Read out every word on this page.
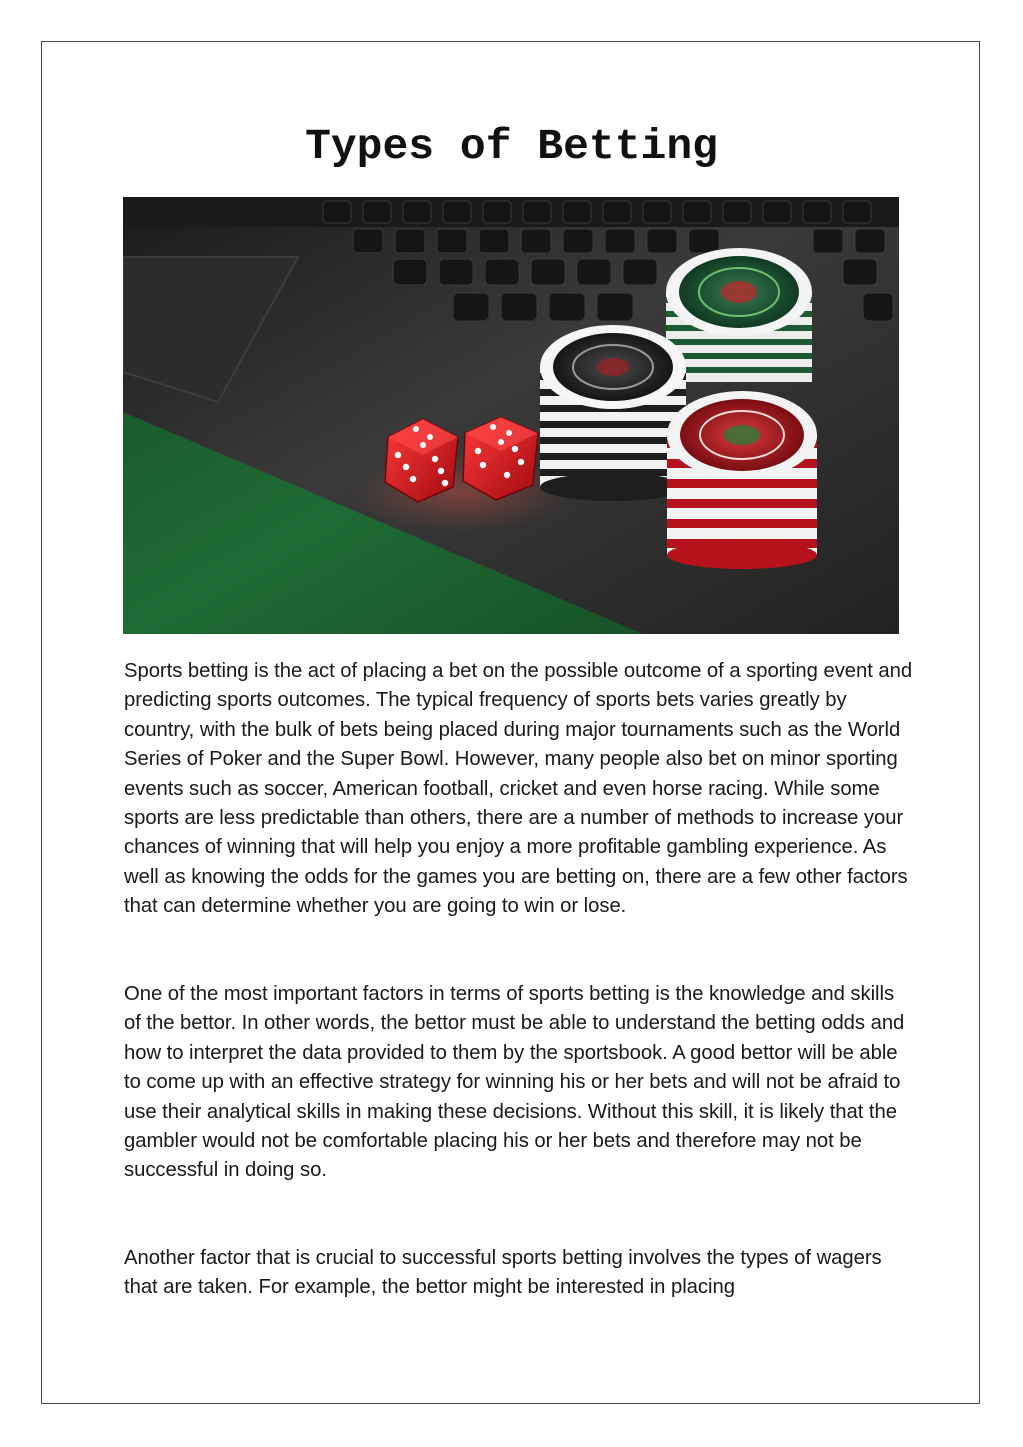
Types of Betting

Sports betting is the act of placing a bet on the possible outcome of a sporting event and predicting sports outcomes. The typical frequency of sports bets varies greatly by country, with the bulk of bets being placed during major tournaments such as the World Series of Poker and the Super Bowl. However, many people also bet on minor sporting events such as soccer, American football, cricket and even horse racing. While some sports are less predictable than others, there are a number of methods to increase your chances of winning that will help you enjoy a more profitable gambling experience. As well as knowing the odds for the games you are betting on, there are a few other factors that can determine whether you are going to win or lose.

One of the most important factors in terms of sports betting is the knowledge and skills of the bettor. In other words, the bettor must be able to understand the betting odds and how to interpret the data provided to them by the sportsbook. A good bettor will be able to come up with an effective strategy for winning his or her bets and will not be afraid to use their analytical skills in making these decisions. Without this skill, it is likely that the gambler would not be comfortable placing his or her bets and therefore may not be successful in doing so.

Another factor that is crucial to successful sports betting involves the types of wagers that are taken. For example, the bettor might be interested in placing
